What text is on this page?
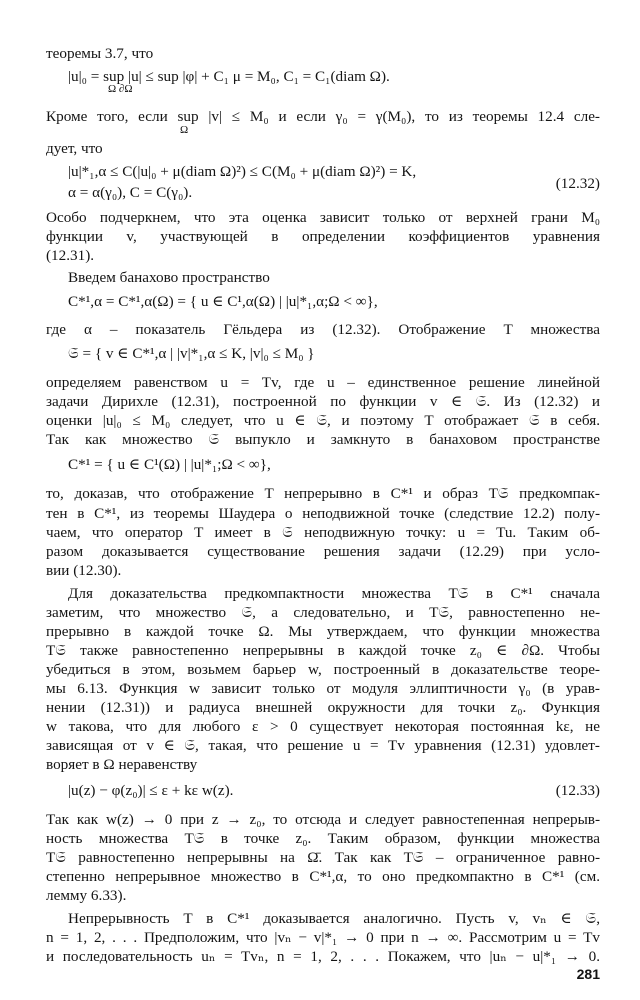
теоремы 3.7, что
|u|₀ = sup |u| ≤ sup |φ| + C₁ μ = M₀, C₁ = C₁(diam Ω).
Ω ∂Ω
Кроме того, если sup |v| ≤ M₀ и если γ₀ = γ(M₀), то из теоремы 12.4 сле-
Ω
дует, что
|u|*₁,α ≤ C(|u|₀ + μ(diam Ω)²) ≤ C(M₀ + μ(diam Ω)²) = K,
α = α(γ₀), C = C(γ₀).
(12.32)
Особо подчеркнем, что эта оценка зависит только от верхней грани M₀
функции v, участвующей в определении коэффициентов уравнения
(12.31).
Введем банахово пространство
C*¹,α = C*¹,α(Ω) = { u ∈ C¹,α(Ω) | |u|*₁,α;Ω < ∞},
где α – показатель Гёльдера из (12.32). Отображение T множества
𝔖 = { v ∈ C*¹,α | |v|*₁,α ≤ K, |v|₀ ≤ M₀ }
определяем равенством u = Tv, где u – единственное решение линейной
задачи Дирихле (12.31), построенной по функции v ∈ 𝔖. Из (12.32) и
оценки |u|₀ ≤ M₀ следует, что u ∈ 𝔖, и поэтому T отображает 𝔖 в себя.
Так как множество 𝔖 выпукло и замкнуто в банаховом пространстве
C*¹ = { u ∈ C¹(Ω) | |u|*₁;Ω < ∞},
то, доказав, что отображение T непрерывно в C*¹ и образ T𝔖 предкомпак-
тен в C*¹, из теоремы Шаудера о неподвижной точке (следствие 12.2) полу-
чаем, что оператор T имеет в 𝔖 неподвижную точку: u = Tu. Таким об-
разом доказывается существование решения задачи (12.29) при усло-
вии (12.30).
Для доказательства предкомпактности множества T𝔖 в C*¹ сначала
заметим, что множество 𝔖, а следовательно, и T𝔖, равностепенно не-
прерывно в каждой точке Ω. Мы утверждаем, что функции множества
T𝔖 также равностепенно непрерывны в каждой точке z₀ ∈ ∂Ω. Чтобы
убедиться в этом, возьмем барьер w, построенный в доказательстве теоре-
мы 6.13. Функция w зависит только от модуля эллиптичности γ₀ (в урав-
нении (12.31)) и радиуса внешней окружности для точки z₀. Функция
w такова, что для любого ε > 0 существует некоторая постоянная kε, не
зависящая от v ∈ 𝔖, такая, что решение u = Tv уравнения (12.31) удовлет-
воряет в Ω неравенству
|u(z) − φ(z₀)| ≤ ε + kε w(z).	(12.33)
Так как w(z) → 0 при z → z₀, то отсюда и следует равностепенная непрерыв-
ность множества T𝔖 в точке z₀. Таким образом, функции множества
T𝔖 равностепенно непрерывны на Ω̄. Так как T𝔖 – ограниченное равно-
степенно непрерывное множество в C*¹,α, то оно предкомпактно в C*¹ (см.
лемму 6.33).
Непрерывность T в C*¹ доказывается аналогично. Пусть v, vₙ ∈ 𝔖,
n = 1, 2, . . . Предположим, что |vₙ − v|*₁ → 0 при n → ∞. Рассмотрим u = Tv
и последовательность uₙ = Tvₙ, n = 1, 2, . . . Покажем, что |uₙ − u|*₁ → 0.
281
